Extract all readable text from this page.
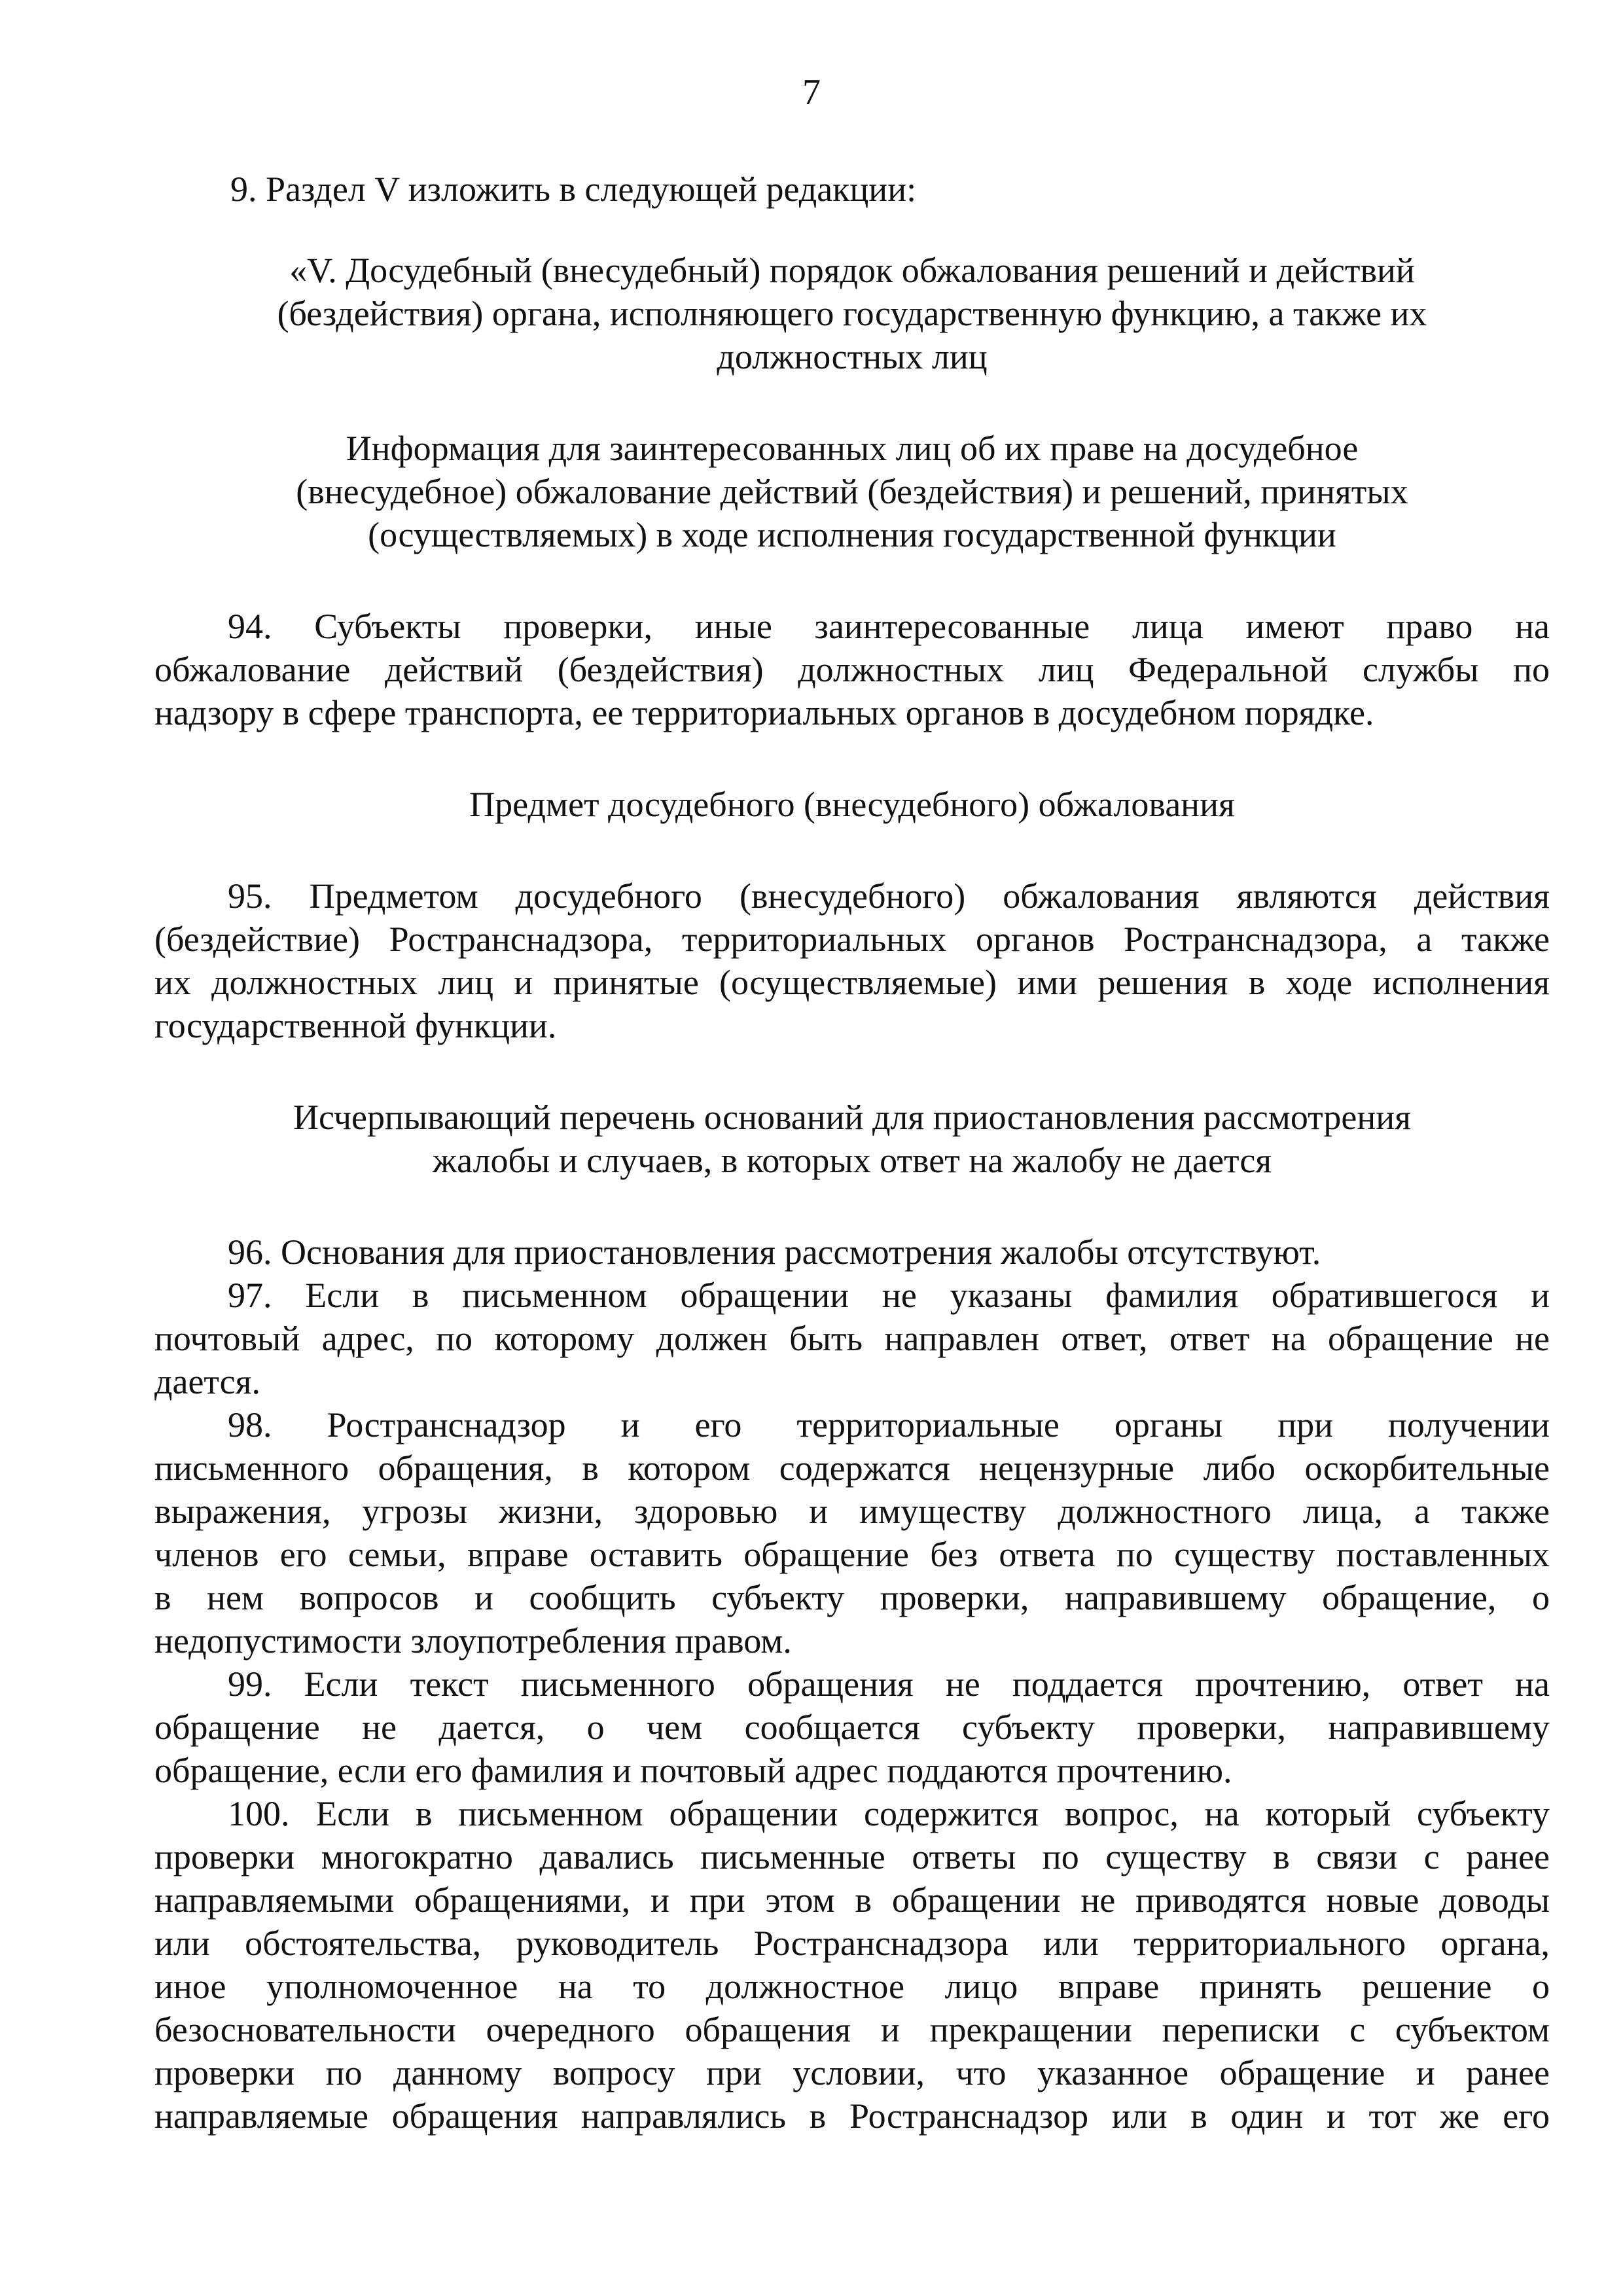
7
9. Раздел V изложить в следующей редакции:
«V. Досудебный (внесудебный) порядок обжалования решений и действий
(бездействия) органа, исполняющего государственную функцию, а также их
должностных лиц
Информация для заинтересованных лиц об их праве на досудебное
(внесудебное) обжалование действий (бездействия) и решений, принятых
(осуществляемых) в ходе исполнения государственной функции
94. Субъекты проверки, иные заинтересованные лица имеют право на
обжалование действий (бездействия) должностных лиц Федеральной службы по
надзору в сфере транспорта, ее территориальных органов в досудебном порядке.
Предмет досудебного (внесудебного) обжалования
95. Предметом досудебного (внесудебного) обжалования являются действия
(бездействие) Ространснадзора, территориальных органов Ространснадзора, а также
их должностных лиц и принятые (осуществляемые) ими решения в ходе исполнения
государственной функции.
Исчерпывающий перечень оснований для приостановления рассмотрения
жалобы и случаев, в которых ответ на жалобу не дается
96. Основания для приостановления рассмотрения жалобы отсутствуют.
97. Если в письменном обращении не указаны фамилия обратившегося и
почтовый адрес, по которому должен быть направлен ответ, ответ на обращение не
дается.
98. Ространснадзор и его территориальные органы при получении
письменного обращения, в котором содержатся нецензурные либо оскорбительные
выражения, угрозы жизни, здоровью и имуществу должностного лица, а также
членов его семьи, вправе оставить обращение без ответа по существу поставленных
в нем вопросов и сообщить субъекту проверки, направившему обращение, о
недопустимости злоупотребления правом.
99. Если текст письменного обращения не поддается прочтению, ответ на
обращение не дается, о чем сообщается субъекту проверки, направившему
обращение, если его фамилия и почтовый адрес поддаются прочтению.
100. Если в письменном обращении содержится вопрос, на который субъекту
проверки многократно давались письменные ответы по существу в связи с ранее
направляемыми обращениями, и при этом в обращении не приводятся новые доводы
или обстоятельства, руководитель Ространснадзора или территориального органа,
иное уполномоченное на то должностное лицо вправе принять решение о
безосновательности очередного обращения и прекращении переписки с субъектом
проверки по данному вопросу при условии, что указанное обращение и ранее
направляемые обращения направлялись в Ространснадзор или в один и тот же его
